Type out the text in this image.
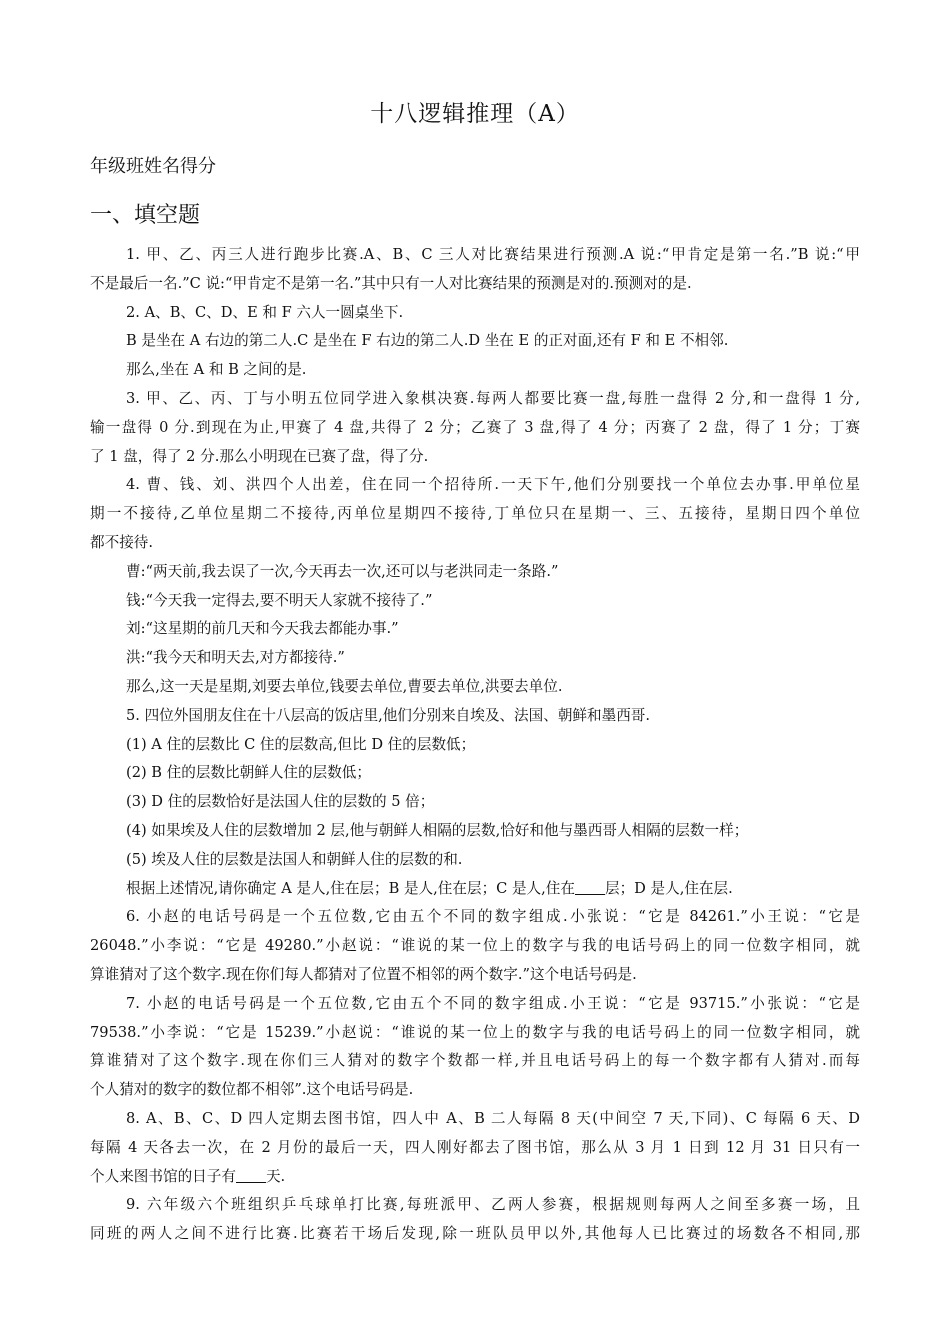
十八逻辑推理（A）
年级班姓名得分
一、填空题
1. 甲、乙、丙三人进行跑步比赛.A、B、C 三人对比赛结果进行预测.A 说:“甲肯定是第一名.”B 说:“甲
不是最后一名.”C 说:“甲肯定不是第一名.”其中只有一人对比赛结果的预测是对的.预测对的是.
2. A、B、C、D、E 和 F 六人一圆桌坐下.
B 是坐在 A 右边的第二人.C 是坐在 F 右边的第二人.D 坐在 E 的正对面,还有 F 和 E 不相邻.
那么,坐在 A 和 B 之间的是.
3. 甲、乙、丙、丁与小明五位同学进入象棋决赛.每两人都要比赛一盘,每胜一盘得 2 分,和一盘得 1 分,
输一盘得 0 分.到现在为止,甲赛了 4 盘,共得了 2 分；乙赛了 3 盘,得了 4 分；丙赛了 2 盘，得了 1 分；丁赛
了 1 盘，得了 2 分.那么小明现在已赛了盘，得了分.
4. 曹、钱、刘、洪四个人出差，住在同一个招待所.一天下午,他们分别要找一个单位去办事.甲单位星
期一不接待,乙单位星期二不接待,丙单位星期四不接待,丁单位只在星期一、三、五接待，星期日四个单位
都不接待.
曹:“两天前,我去误了一次,今天再去一次,还可以与老洪同走一条路.”
钱:“今天我一定得去,要不明天人家就不接待了.”
刘:“这星期的前几天和今天我去都能办事.”
洪:“我今天和明天去,对方都接待.”
那么,这一天是星期,刘要去单位,钱要去单位,曹要去单位,洪要去单位.
5. 四位外国朋友住在十八层高的饭店里,他们分别来自埃及、法国、朝鲜和墨西哥.
(1) A 住的层数比 C 住的层数高,但比 D 住的层数低；
(2) B 住的层数比朝鲜人住的层数低；
(3) D 住的层数恰好是法国人住的层数的 5 倍；
(4) 如果埃及人住的层数增加 2 层,他与朝鲜人相隔的层数,恰好和他与墨西哥人相隔的层数一样；
(5) 埃及人住的层数是法国人和朝鲜人住的层数的和.
根据上述情况,请你确定 A 是人,住在层；B 是人,住在层；C 是人,住在 层；D 是人,住在层.
6. 小赵的电话号码是一个五位数,它由五个不同的数字组成.小张说：“它是 84261.”小王说：“它是
26048.”小李说：“它是 49280.”小赵说：“谁说的某一位上的数字与我的电话号码上的同一位数字相同，就
算谁猜对了这个数字.现在你们每人都猜对了位置不相邻的两个数字.”这个电话号码是.
7. 小赵的电话号码是一个五位数,它由五个不同的数字组成.小王说：“它是 93715.”小张说：“它是
79538.”小李说：“它是 15239.”小赵说：“谁说的某一位上的数字与我的电话号码上的同一位数字相同，就
算谁猜对了这个数字.现在你们三人猜对的数字个数都一样,并且电话号码上的每一个数字都有人猜对.而每
个人猜对的数字的数位都不相邻”.这个电话号码是.
8. A、B、C、D 四人定期去图书馆，四人中 A、B 二人每隔 8 天(中间空 7 天,下同)、C 每隔 6 天、D
每隔 4 天各去一次，在 2 月份的最后一天，四人刚好都去了图书馆，那么从 3 月 1 日到 12 月 31 日只有一
个人来图书馆的日子有 天.
9. 六年级六个班组织乒乓球单打比赛,每班派甲、乙两人参赛，根据规则每两人之间至多赛一场，且
同班的两人之间不进行比赛.比赛若干场后发现,除一班队员甲以外,其他每人已比赛过的场数各不相同,那
